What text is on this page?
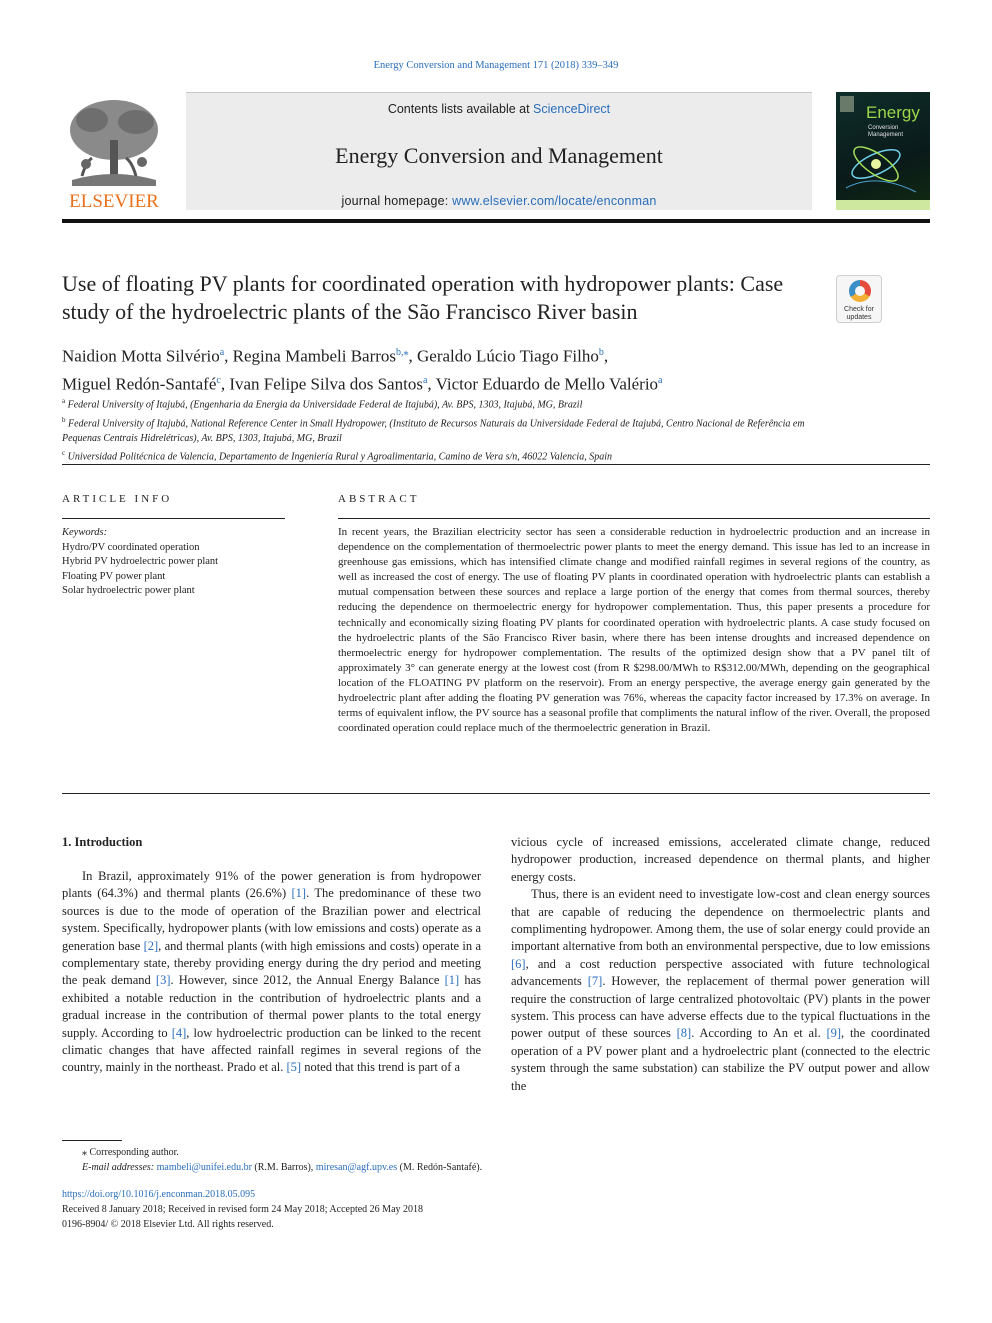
Energy Conversion and Management 171 (2018) 339–349
ELSEVIER
Contents lists available at ScienceDirect
Energy Conversion and Management
journal homepage: www.elsevier.com/locate/enconman
Energy
Conversion
Management
Use of floating PV plants for coordinated operation with hydropower plants: Case study of the hydroelectric plants of the São Francisco River basin	Check for updates
Naidion Motta Silvério$^a$, Regina Mambeli Barros$^{b,⁎}$, Geraldo Lúcio Tiago Filho$^b$,
Miguel Redón-Santafé$^c$, Ivan Felipe Silva dos Santos$^a$, Victor Eduardo de Mello Valério$^a$
$^a$ Federal University of Itajubá, (Engenharia da Energia da Universidade Federal de Itajubá), Av. BPS, 1303, Itajubá, MG, Brazil
$^b$ Federal University of Itajubá, National Reference Center in Small Hydropower, (Instituto de Recursos Naturais da Universidade Federal de Itajubá, Centro Nacional de Referência em Pequenas Centrais Hidrelétricas), Av. BPS, 1303, Itajubá, MG, Brazil
$^c$ Universidad Politécnica de Valencia, Departamento de Ingeniería Rural y Agroalimentaria, Camino de Vera s/n, 46022 Valencia, Spain
ARTICLE INFO	ABSTRACT
Keywords:
Hydro/PV coordinated operation
Hybrid PV hydroelectric power plant
Floating PV power plant
Solar hydroelectric power plant
In recent years, the Brazilian electricity sector has seen a considerable reduction in hydroelectric production and an increase in dependence on the complementation of thermoelectric power plants to meet the energy demand. This issue has led to an increase in greenhouse gas emissions, which has intensified climate change and modified rainfall regimes in several regions of the country, as well as increased the cost of energy. The use of floating PV plants in coordinated operation with hydroelectric plants can establish a mutual compensation between these sources and replace a large portion of the energy that comes from thermal sources, thereby reducing the dependence on thermoelectric energy for hydropower complementation. Thus, this paper presents a procedure for technically and economically sizing floating PV plants for coordinated operation with hydroelectric plants. A case study focused on the hydroelectric plants of the São Francisco River basin, where there has been intense droughts and increased dependence on thermoelectric energy for hydropower complementation. The results of the optimized design show that a PV panel tilt of approximately 3° can generate energy at the lowest cost (from R $298.00/MWh to R$312.00/MWh, depending on the geographical location of the FLOATING PV platform on the reservoir). From an energy perspective, the average energy gain generated by the hydroelectric plant after adding the floating PV generation was 76%, whereas the capacity factor increased by 17.3% on average. In terms of equivalent inflow, the PV source has a seasonal profile that compliments the natural inflow of the river. Overall, the proposed coordinated operation could replace much of the thermoelectric generation in Brazil.
1. Introduction
In Brazil, approximately 91% of the power generation is from hydropower plants (64.3%) and thermal plants (26.6%) [1]. The predominance of these two sources is due to the mode of operation of the Brazilian power and electrical system. Specifically, hydropower plants (with low emissions and costs) operate as a generation base [2], and thermal plants (with high emissions and costs) operate in a complementary state, thereby providing energy during the dry period and meeting the peak demand [3]. However, since 2012, the Annual Energy Balance [1] has exhibited a notable reduction in the contribution of hydroelectric plants and a gradual increase in the contribution of thermal power plants to the total energy supply. According to [4], low hydroelectric production can be linked to the recent climatic changes that have affected rainfall regimes in several regions of the country, mainly in the northeast. Prado et al. [5] noted that this trend is part of a

vicious cycle of increased emissions, accelerated climate change, reduced hydropower production, increased dependence on thermal plants, and higher energy costs.

Thus, there is an evident need to investigate low-cost and clean energy sources that are capable of reducing the dependence on thermoelectric plants and complimenting hydropower. Among them, the use of solar energy could provide an important alternative from both an environmental perspective, due to low emissions [6], and a cost reduction perspective associated with future technological advancements [7]. However, the replacement of thermal power generation will require the construction of large centralized photovoltaic (PV) plants in the power system. This process can have adverse effects due to the typical fluctuations in the power output of these sources [8]. According to An et al. [9], the coordinated operation of a PV power plant and a hydroelectric plant (connected to the electric system through the same substation) can stabilize the PV output power and allow the

⁎ Corresponding author.
E-mail addresses: mambeli@unifei.edu.br (R.M. Barros), miresan@agf.upv.es (M. Redón-Santafé).
https://doi.org/10.1016/j.enconman.2018.05.095
Received 8 January 2018; Received in revised form 24 May 2018; Accepted 26 May 2018
0196-8904/ © 2018 Elsevier Ltd. All rights reserved.
